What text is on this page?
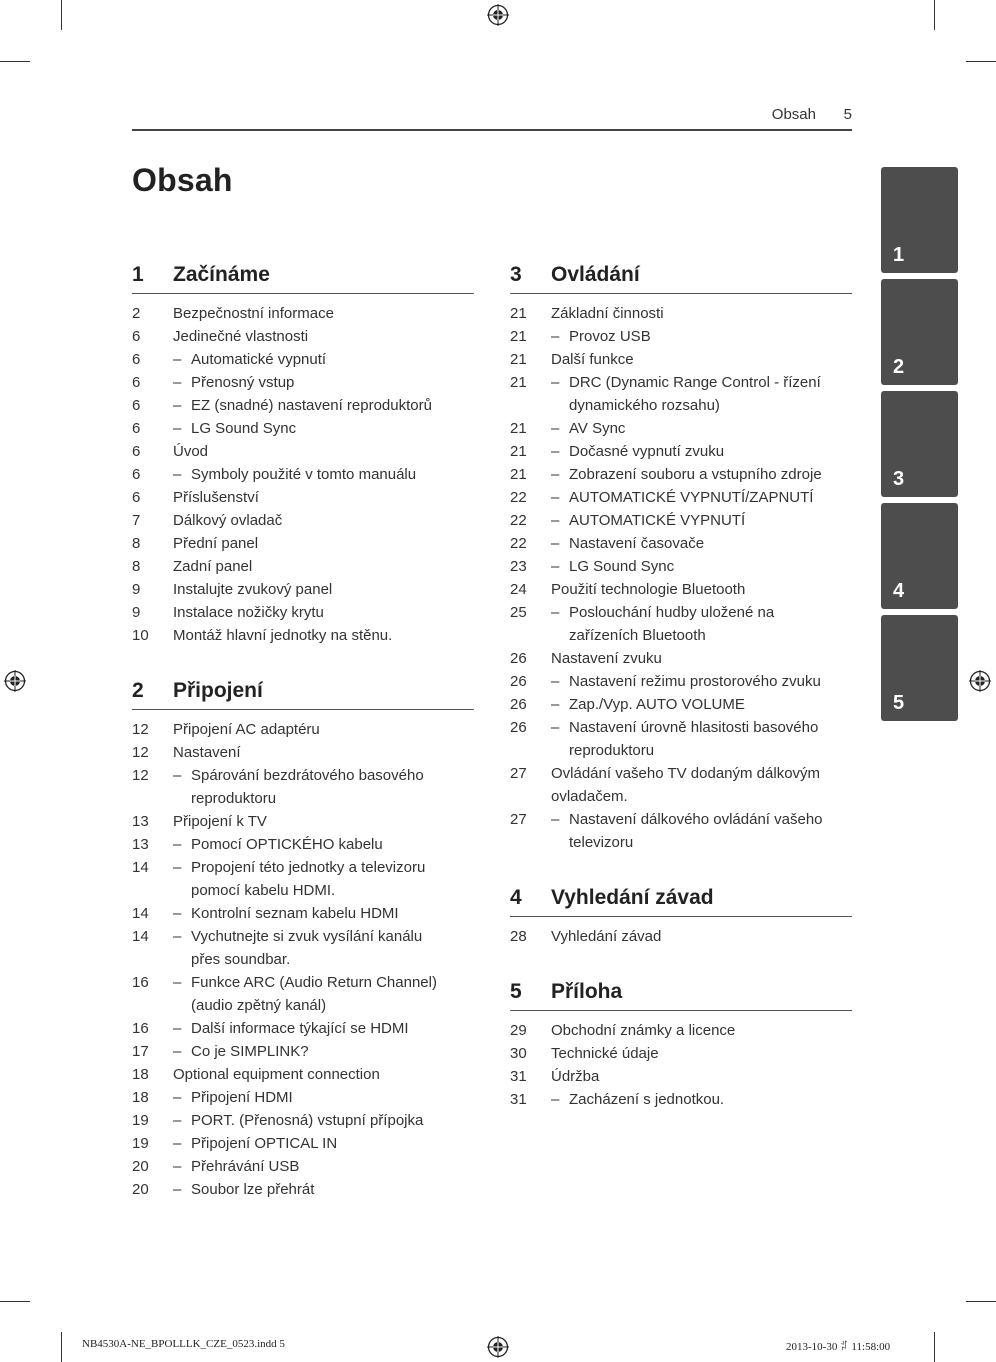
Obsah 5
Obsah
1 Začínáme
2	Bezpečnostní informace
6	Jedinečné vlastnosti
6	– Automatické vypnutí
6	– Přenosný vstup
6	– EZ (snadné) nastavení reproduktorů
6	– LG Sound Sync
6	Úvod
6	– Symboly použité v tomto manuálu
6	Příslušenství
7	Dálkový ovladač
8	Přední panel
8	Zadní panel
9	Instalujte zvukový panel
9	Instalace nožičky krytu
10	Montáž hlavní jednotky na stěnu.
2 Připojení
12	Připojení AC adaptéru
12	Nastavení
12	– Spárování bezdrátového basového
reproduktoru
13	Připojení k TV
13	– Pomocí OPTICKÉHO kabelu
14	– Propojení této jednotky a televizoru
pomocí kabelu HDMI.
14	– Kontrolní seznam kabelu HDMI
14	– Vychutnejte si zvuk vysílání kanálu
přes soundbar.
16	– Funkce ARC (Audio Return Channel)
(audio zpětný kanál)
16	– Další informace týkající se HDMI
17	– Co je SIMPLINK?
18	Optional equipment connection
18	– Připojení HDMI
19	– PORT. (Přenosná) vstupní přípojka
19	– Připojení OPTICAL IN
20	– Přehrávání USB
20	– Soubor lze přehrát
3 Ovládání
21	Základní činnosti
21	– Provoz USB
21	Další funkce
21	– DRC (Dynamic Range Control - řízení
dynamického rozsahu)
21	– AV Sync
21	– Dočasné vypnutí zvuku
21	– Zobrazení souboru a vstupního zdroje
22	– AUTOMATICKÉ VYPNUTÍ/ZAPNUTÍ
22	– AUTOMATICKÉ VYPNUTÍ
22	– Nastavení časovače
23	– LG Sound Sync
24	Použití technologie Bluetooth
25	– Poslouchání hudby uložené na
zařízeních Bluetooth
26	Nastavení zvuku
26	– Nastavení režimu prostorového zvuku
26	– Zap./Vyp. AUTO VOLUME
26	– Nastavení úrovně hlasitosti basového
reproduktoru
27	Ovládání vašeho TV dodaným dálkovým
ovladačem.
27	– Nastavení dálkového ovládání vašeho
televizoru
4 Vyhledání závad
28	Vyhledání závad
5 Příloha
29	Obchodní známky a licence
30	Technické údaje
31	Údržba
31	– Zacházení s jednotkou.
1
2
3
4
5
NB4530A-NE_BPOLLLK_CZE_0523.indd 5	2013-10-30 ꄂ 11:58:00
